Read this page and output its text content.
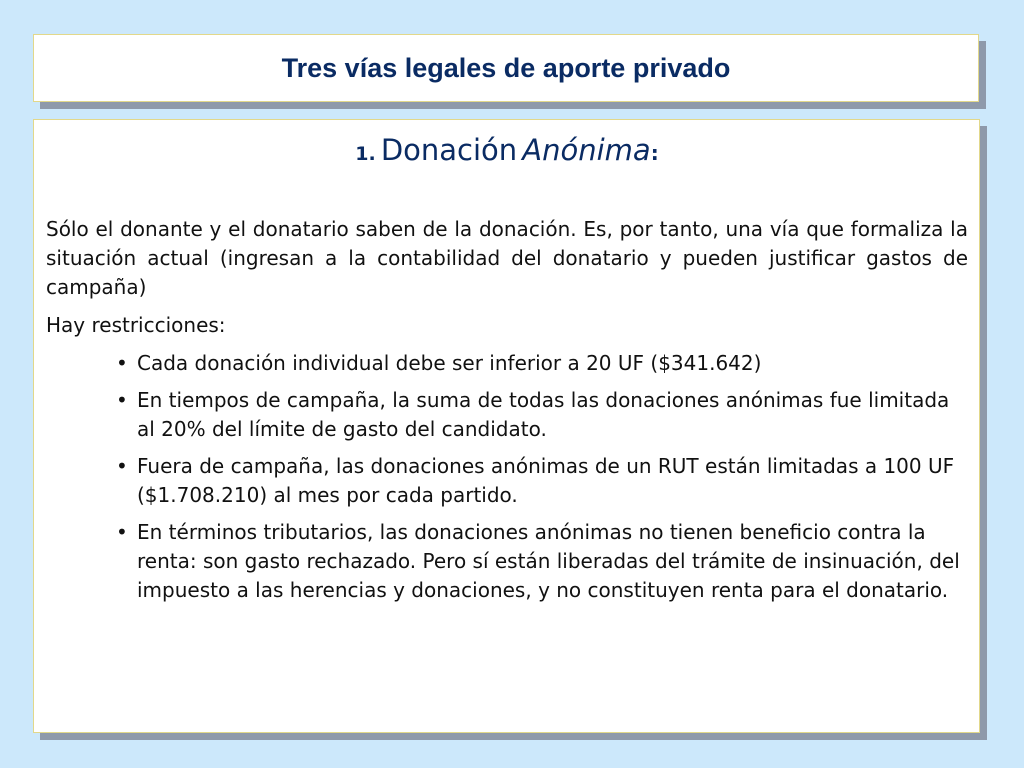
Tres vías legales de aporte privado
1. Donación Anónima:

Sólo el donante y el donatario saben de la donación. Es, por tanto, una vía que formaliza la situación actual (ingresan a la contabilidad del donatario y pueden justificar gastos de campaña)

Hay restricciones:

• Cada donación individual debe ser inferior a 20 UF ($341.642)
• En tiempos de campaña, la suma de todas las donaciones anónimas fue limitada al 20% del límite de gasto del candidato.
• Fuera de campaña, las donaciones anónimas de un RUT están limitadas a 100 UF ($1.708.210) al mes por cada partido.
• En términos tributarios, las donaciones anónimas no tienen beneficio contra la renta: son gasto rechazado. Pero sí están liberadas del trámite de insinuación, del impuesto a las herencias y donaciones, y no constituyen renta para el donatario.
